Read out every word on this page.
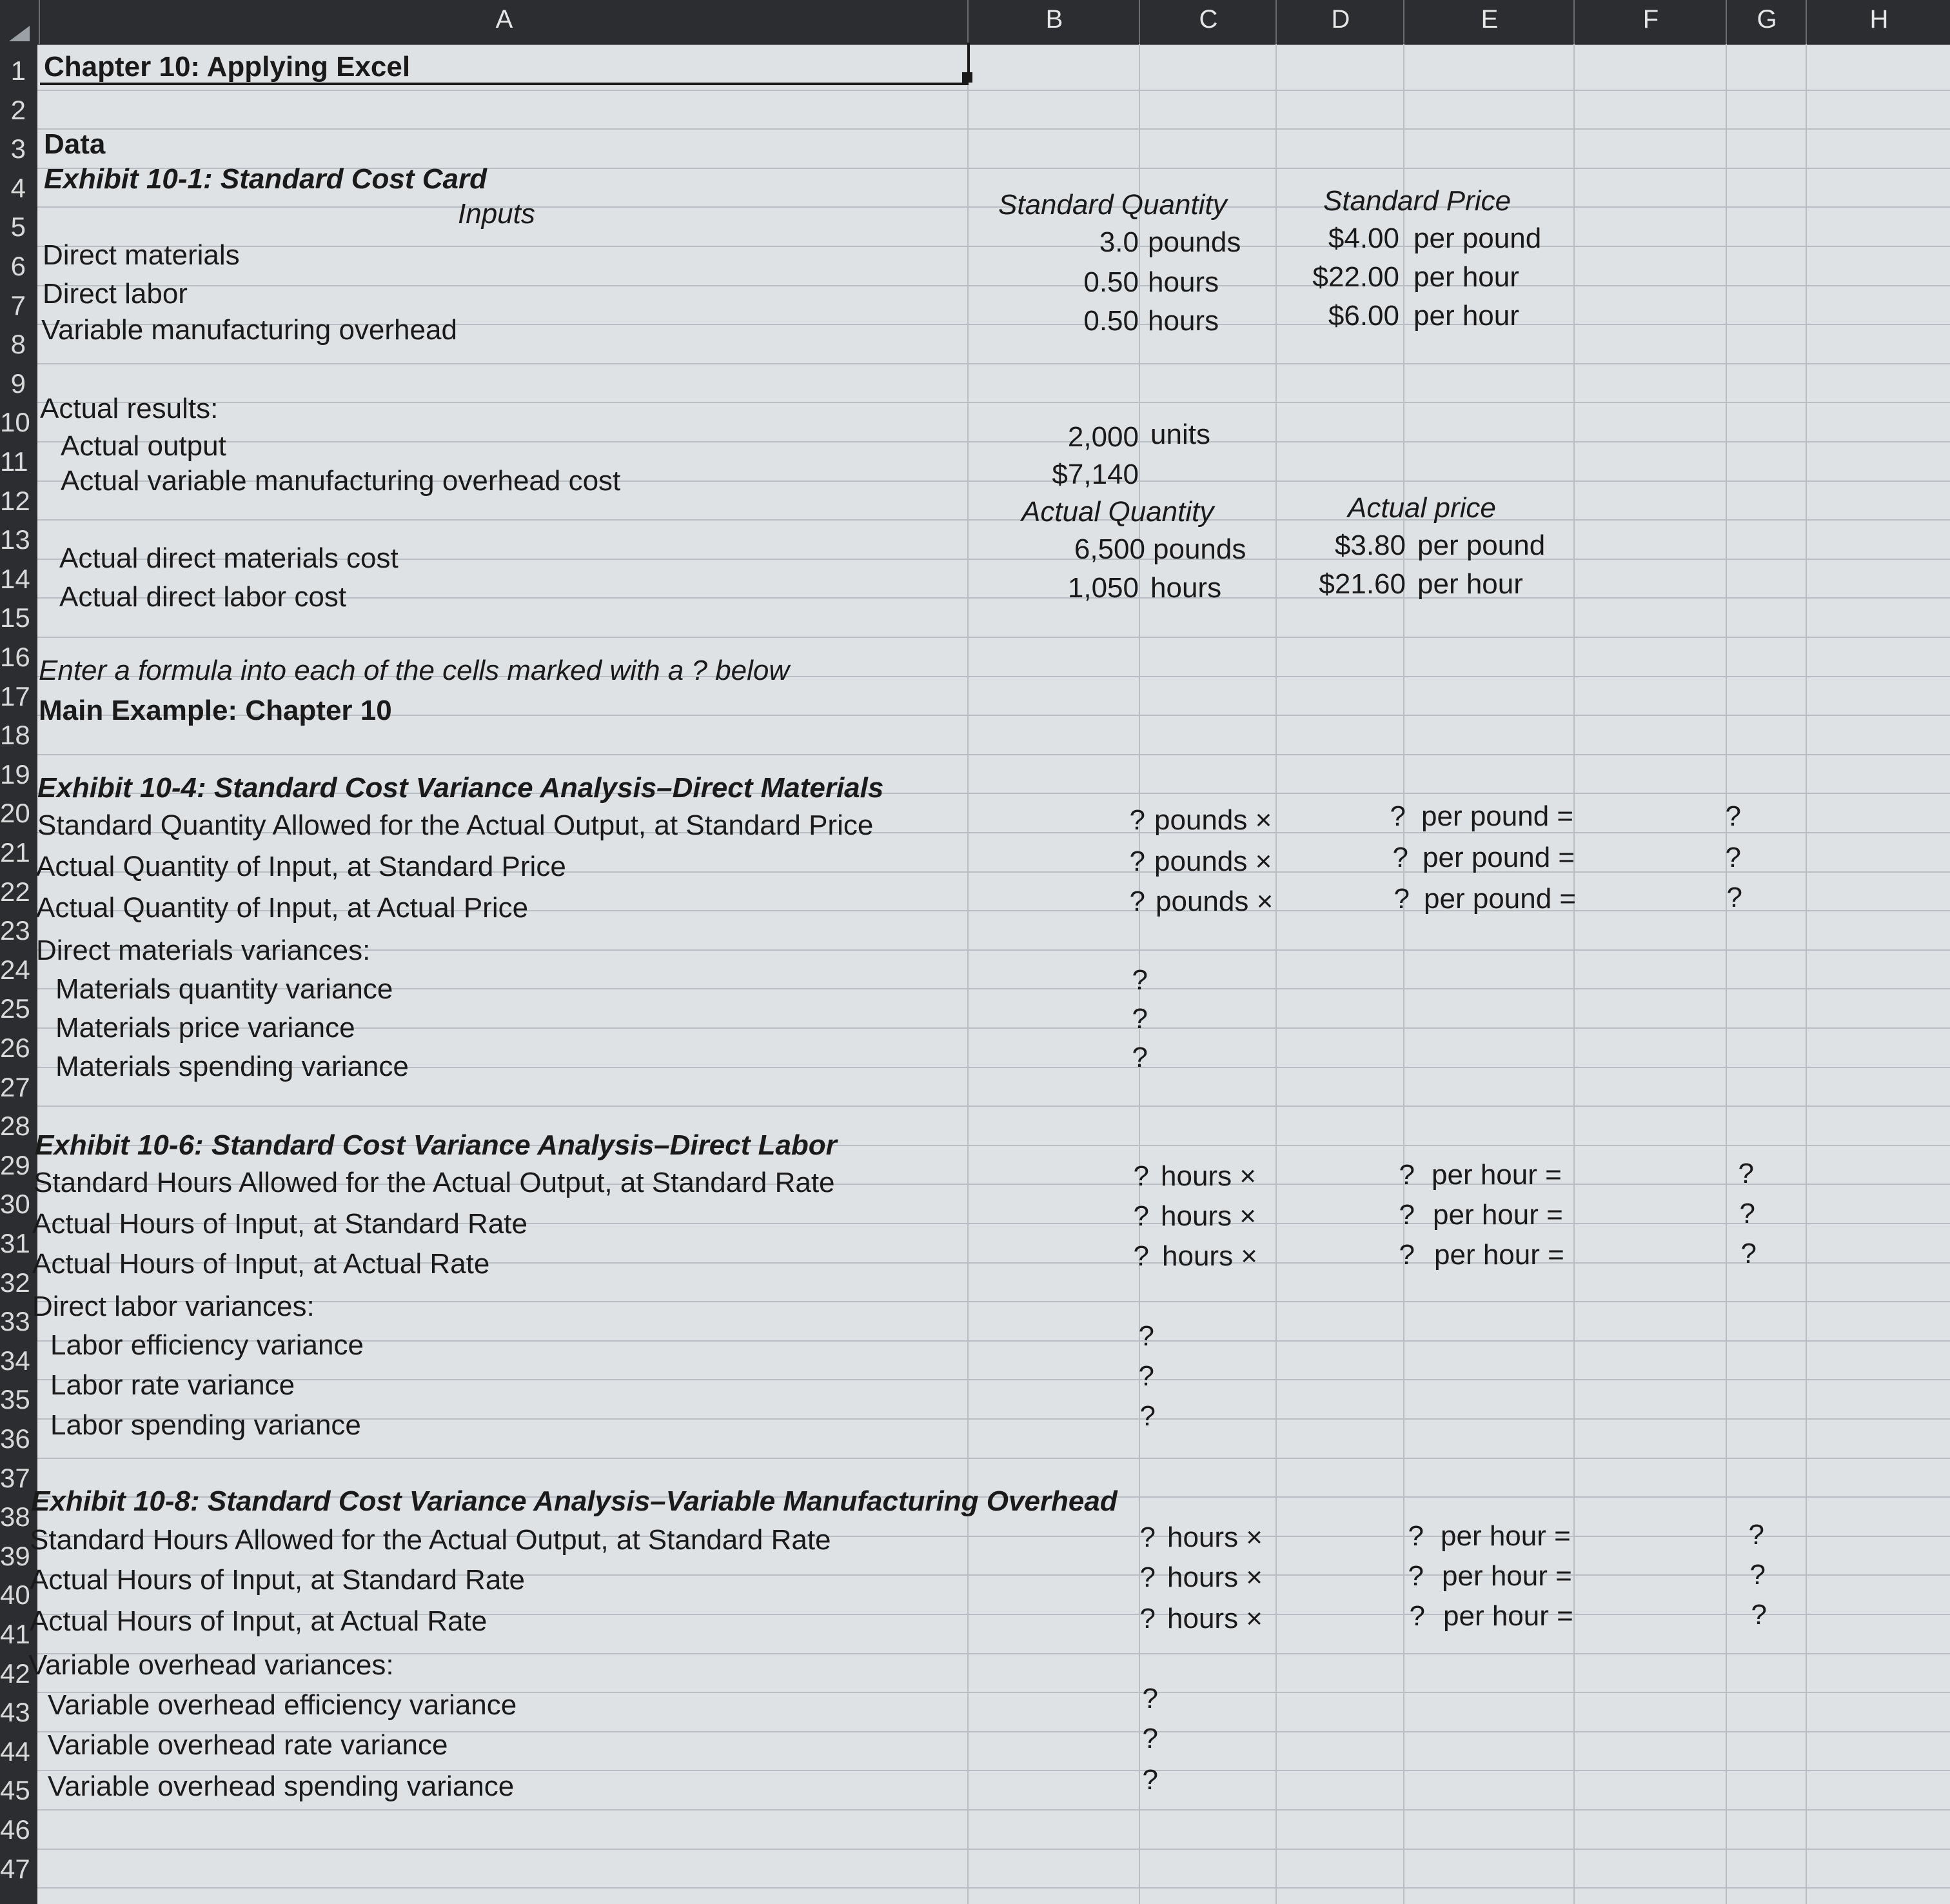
A	B	C	D	E	F	G	H
1
2
3
4
5
6
7
8
9
10
11
12
13
14
15
16
17
18
19
20
21
22
23
24
25
26
27
28
29
30
31
32
33
34
35
36
37
38
39
40
41
42
43
44
45
46
47
Chapter 10: Applying Excel
Data
Exhibit 10-1: Standard Cost Card
Inputs	Standard Quantity	Standard Price
Direct materials	3.0 pounds	$4.00 per pound
Direct labor	0.50 hours	$22.00 per hour
Variable manufacturing overhead	0.50 hours	$6.00 per hour
Actual results:
Actual output	2,000 units
Actual variable manufacturing overhead cost	$7,140
Actual Quantity	Actual price
Actual direct materials cost	6,500 pounds	$3.80 per pound
Actual direct labor cost	1,050 hours	$21.60 per hour
Enter a formula into each of the cells marked with a ? below
Main Example: Chapter 10
Exhibit 10-4: Standard Cost Variance Analysis–Direct Materials
Standard Quantity Allowed for the Actual Output, at Standard Price	? pounds ×	? per pound =	?
Actual Quantity of Input, at Standard Price	? pounds ×	? per pound =	?
Actual Quantity of Input, at Actual Price	? pounds ×	? per pound =	?
Direct materials variances:
Materials quantity variance	?
Materials price variance	?
Materials spending variance	?
Exhibit 10-6: Standard Cost Variance Analysis–Direct Labor
Standard Hours Allowed for the Actual Output, at Standard Rate	? hours ×	? per hour =	?
Actual Hours of Input, at Standard Rate	? hours ×	? per hour =	?
Actual Hours of Input, at Actual Rate	? hours ×	? per hour =	?
Direct labor variances:
Labor efficiency variance	?
Labor rate variance	?
Labor spending variance	?
Exhibit 10-8: Standard Cost Variance Analysis–Variable Manufacturing Overhead
Standard Hours Allowed for the Actual Output, at Standard Rate	? hours ×	? per hour =	?
Actual Hours of Input, at Standard Rate	? hours ×	? per hour =	?
Actual Hours of Input, at Actual Rate	? hours ×	? per hour =	?
Variable overhead variances:
Variable overhead efficiency variance	?
Variable overhead rate variance	?
Variable overhead spending variance	?
